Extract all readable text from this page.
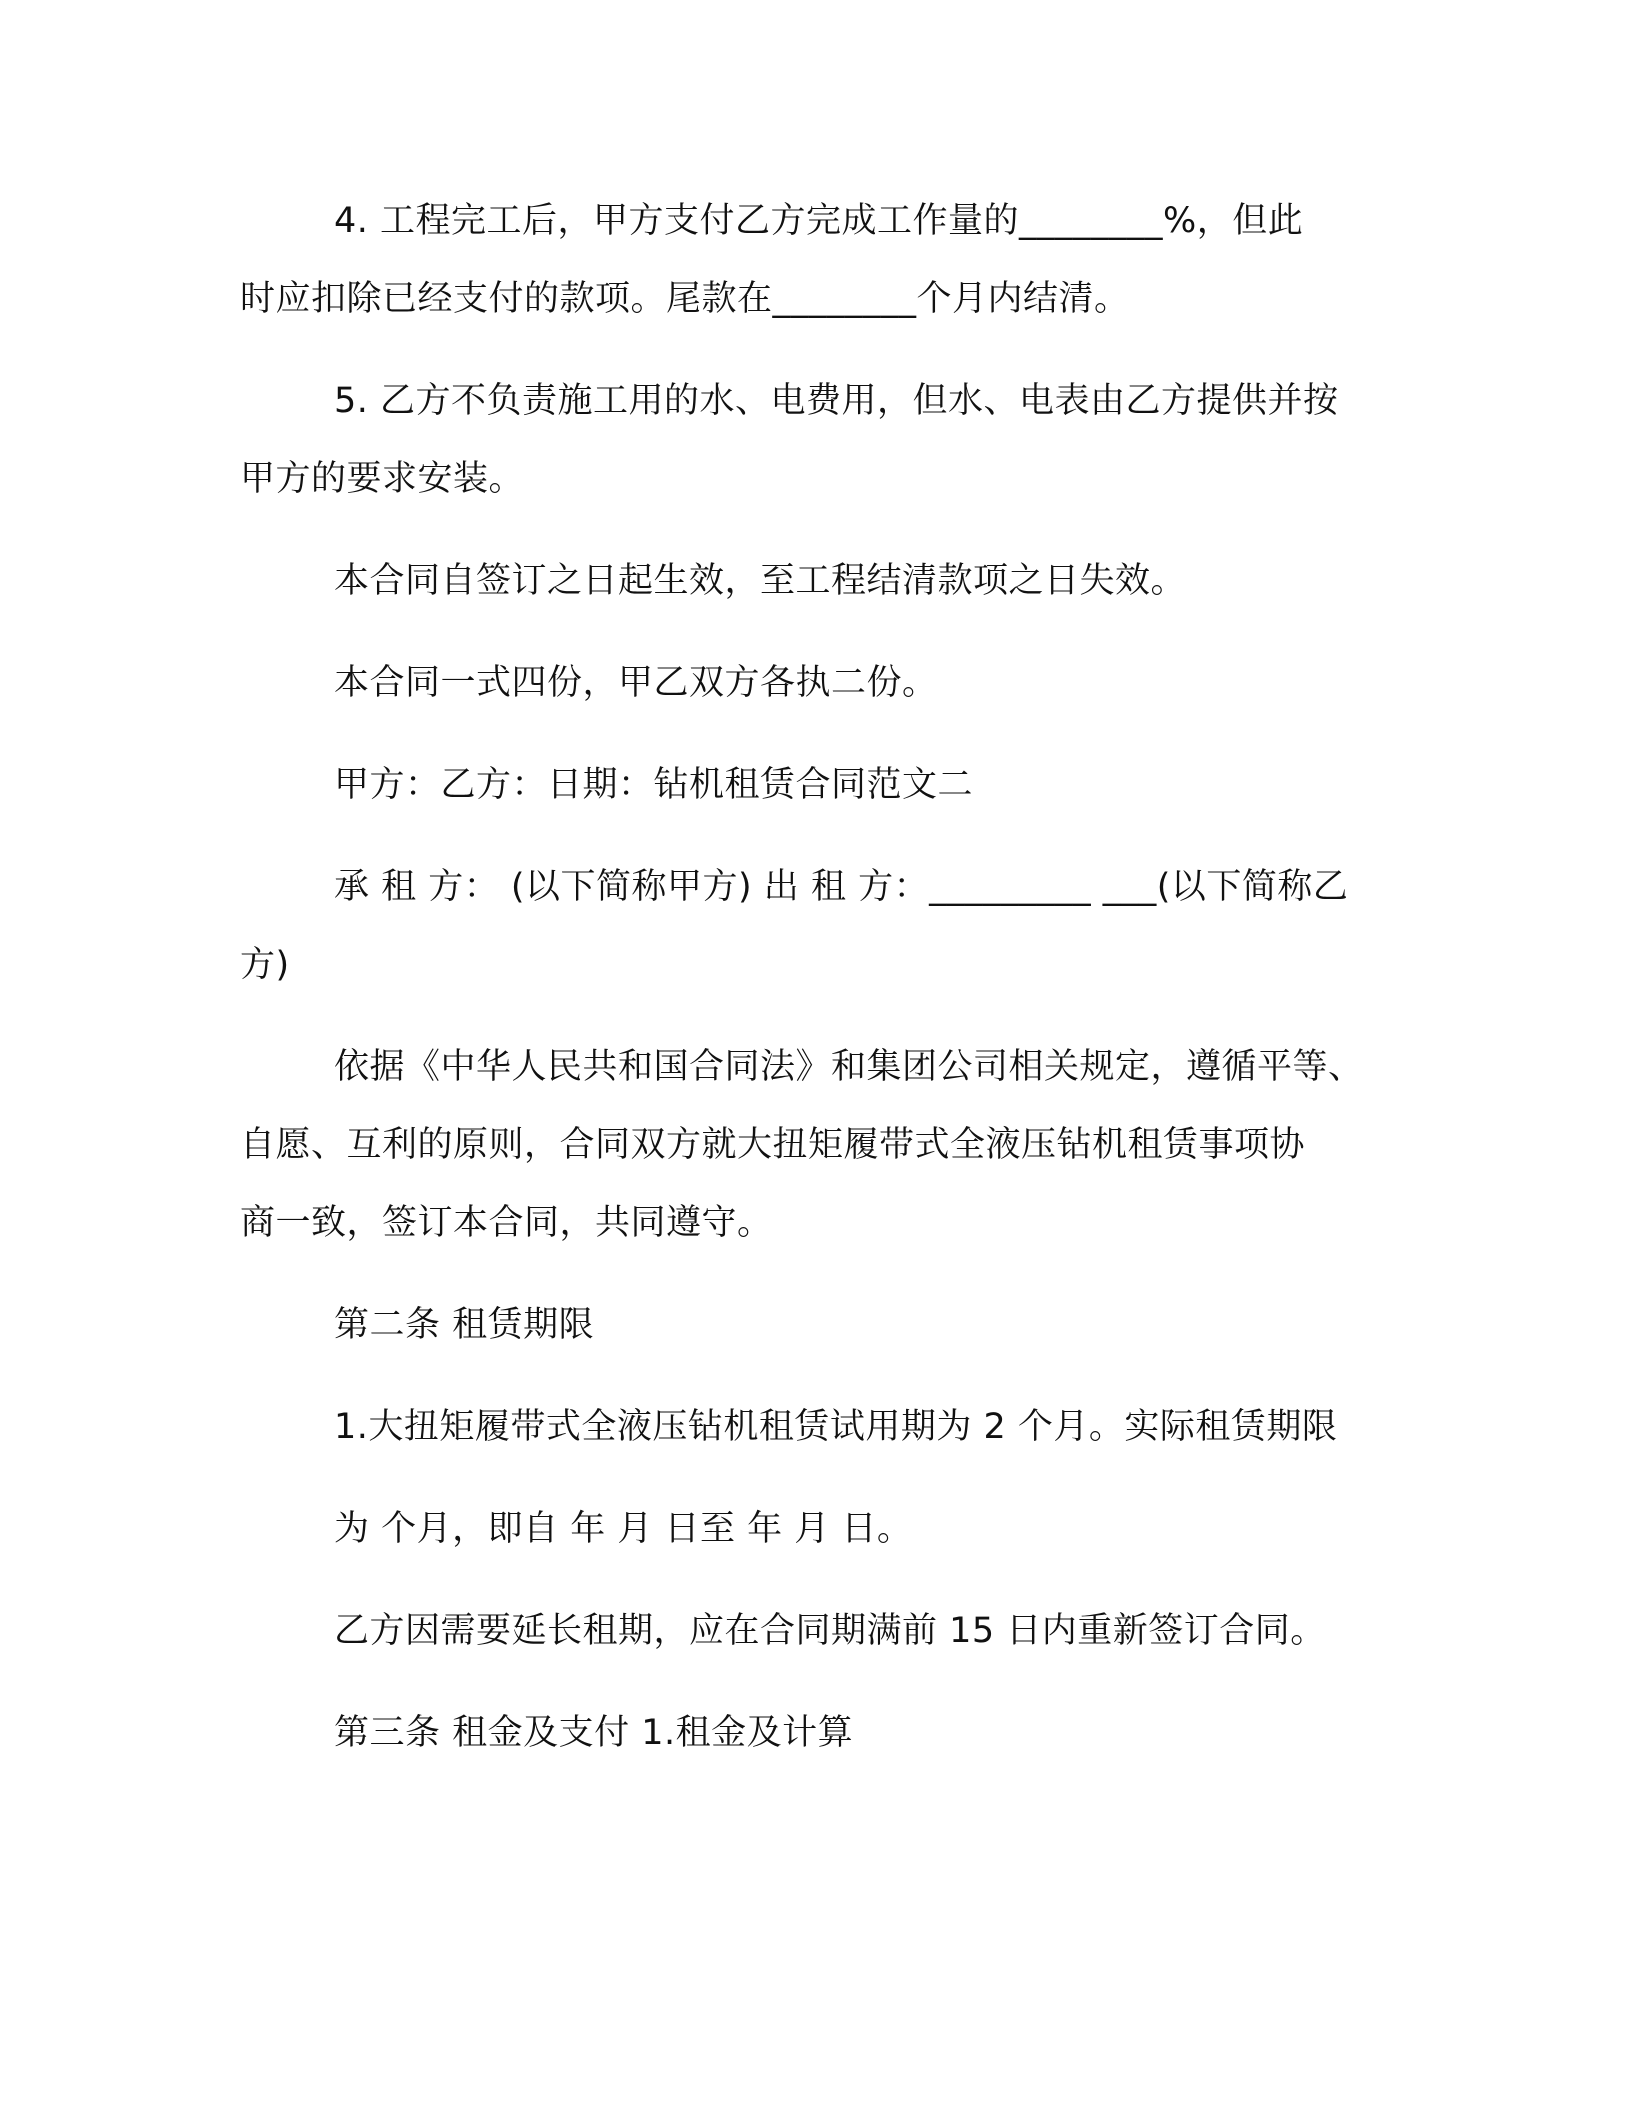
4. 工程完工后，甲方支付乙方完成工作量的________%，但此
时应扣除已经支付的款项。尾款在________个月内结清。

5. 乙方不负责施工用的水、电费用，但水、电表由乙方提供并按
甲方的要求安装。

本合同自签订之日起生效，至工程结清款项之日失效。

本合同一式四份，甲乙双方各执二份。

甲方：乙方：日期：钻机租赁合同范文二

承 租 方： (以下简称甲方) 出 租 方：_________ ___(以下简称乙
方)

依据《中华人民共和国合同法》和集团公司相关规定，遵循平等、
自愿、互利的原则，合同双方就大扭矩履带式全液压钻机租赁事项协
商一致，签订本合同，共同遵守。

第二条 租赁期限

1.大扭矩履带式全液压钻机租赁试用期为 2 个月。实际租赁期限

为 个月，即自 年 月 日至 年 月 日。

乙方因需要延长租期，应在合同期满前 15 日内重新签订合同。

第三条 租金及支付 1.租金及计算
